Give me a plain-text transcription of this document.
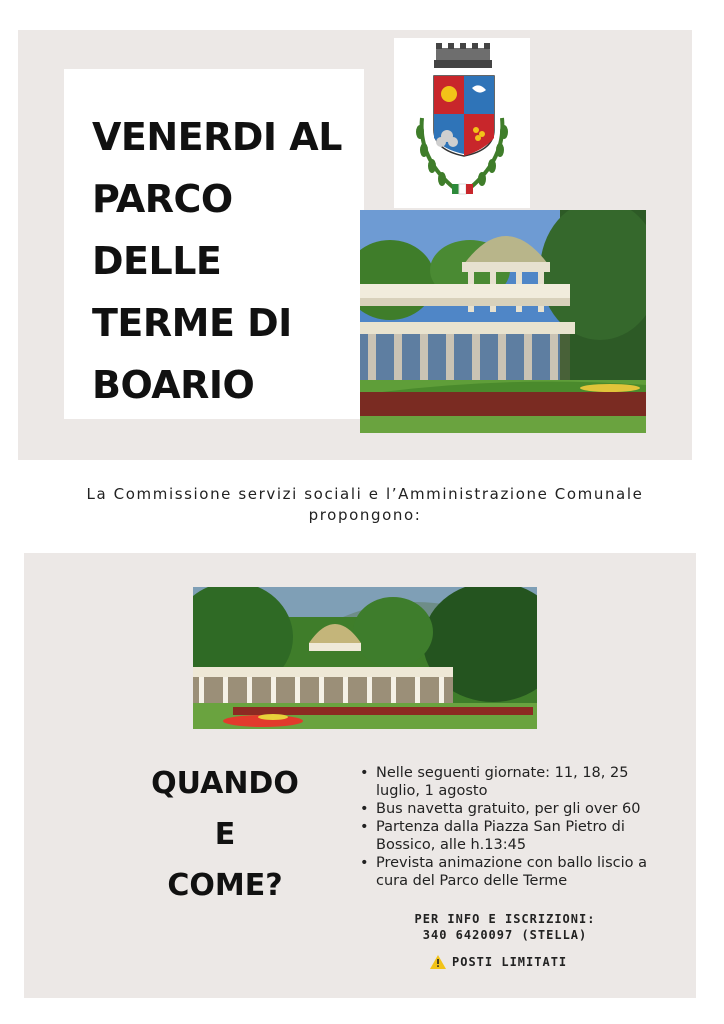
VENERDI AL
PARCO DELLE
TERME DI
BOARIO

La Commissione servizi sociali e l’Amministrazione Comunale propongono:

QUANDO
E
COME?
• Nelle seguenti giornate: 11, 18, 25 luglio, 1 agosto
• Bus navetta gratuito, per gli over 60
• Partenza dalla Piazza San Pietro di Bossico, alle h.13:45
• Prevista animazione con ballo liscio a cura del Parco delle Terme
PER INFO E ISCRIZIONI:
340 6420097 (STELLA)
POSTI LIMITATI
